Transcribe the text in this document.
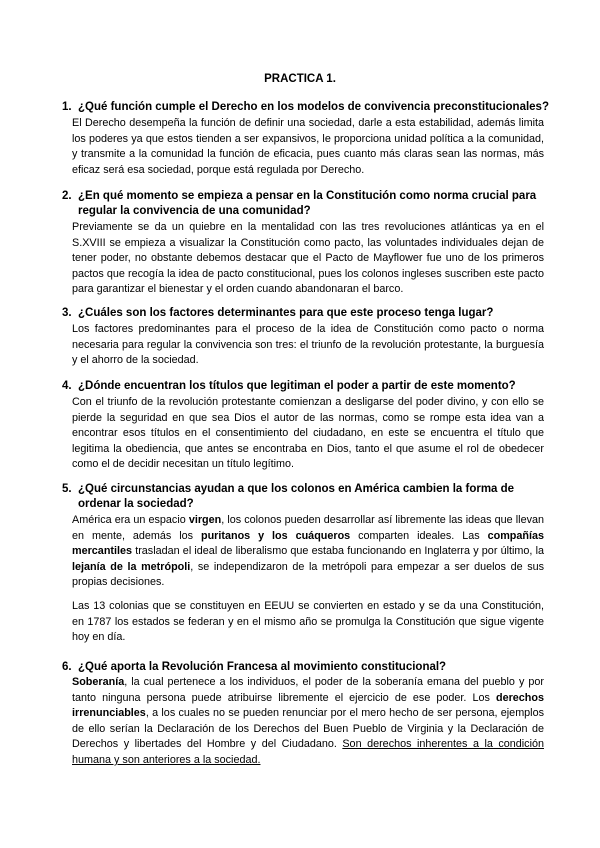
PRACTICA 1.
1. ¿Qué función cumple el Derecho en los modelos de convivencia preconstitucionales?

El Derecho desempeña la función de definir una sociedad, darle a esta estabilidad, además limita los poderes ya que estos tienden a ser expansivos, le proporciona unidad política a la comunidad, y transmite a la comunidad la función de eficacia, pues cuanto más claras sean las normas, más eficaz será esa sociedad, porque está regulada por Derecho.

2. ¿En qué momento se empieza a pensar en la Constitución como norma crucial para
regular la convivencia de una comunidad?

Previamente se da un quiebre en la mentalidad con las tres revoluciones atlánticas ya en el S.XVIII se empieza a visualizar la Constitución como pacto, las voluntades individuales dejan de tener poder, no obstante debemos destacar que el Pacto de Mayflower fue uno de los primeros pactos que recogía la idea de pacto constitucional, pues los colonos ingleses suscriben este pacto para garantizar el bienestar y el orden cuando abandonaran el barco.

3. ¿Cuáles son los factores determinantes para que este proceso tenga lugar?

Los factores predominantes para el proceso de la idea de Constitución como pacto o norma necesaria para regular la convivencia son tres: el triunfo de la revolución protestante, la burguesía y el ahorro de la sociedad.

4. ¿Dónde encuentran los títulos que legitiman el poder a partir de este momento?

Con el triunfo de la revolución protestante comienzan a desligarse del poder divino, y con ello se pierde la seguridad en que sea Dios el autor de las normas, como se rompe esta idea van a encontrar esos títulos en el consentimiento del ciudadano, en este se encuentra el título que legitima la obediencia, que antes se encontraba en Dios, tanto el que asume el rol de obedecer como el de decidir necesitan un título legítimo.

5. ¿Qué circunstancias ayudan a que los colonos en América cambien la forma de
ordenar la sociedad?

América era un espacio virgen, los colonos pueden desarrollar así libremente las ideas que llevan en mente, además los puritanos y los cuáqueros comparten ideales. Las compañías mercantiles trasladan el ideal de liberalismo que estaba funcionando en Inglaterra y por último, la lejanía de la metrópoli, se independizaron de la metrópoli para empezar a ser duelos de sus propias decisiones.

Las 13 colonias que se constituyen en EEUU se convierten en estado y se da una Constitución, en 1787 los estados se federan y en el mismo año se promulga la Constitución que sigue vigente hoy en día.

6. ¿Qué aporta la Revolución Francesa al movimiento constitucional?

Soberanía, la cual pertenece a los individuos, el poder de la soberanía emana del pueblo y por tanto ninguna persona puede atribuirse libremente el ejercicio de ese poder. Los derechos irrenunciables, a los cuales no se pueden renunciar por el mero hecho de ser persona, ejemplos de ello serían la Declaración de los Derechos del Buen Pueblo de Virginia y la Declaración de Derechos y libertades del Hombre y del Ciudadano. Son derechos inherentes a la condición humana y son anteriores a la sociedad.
